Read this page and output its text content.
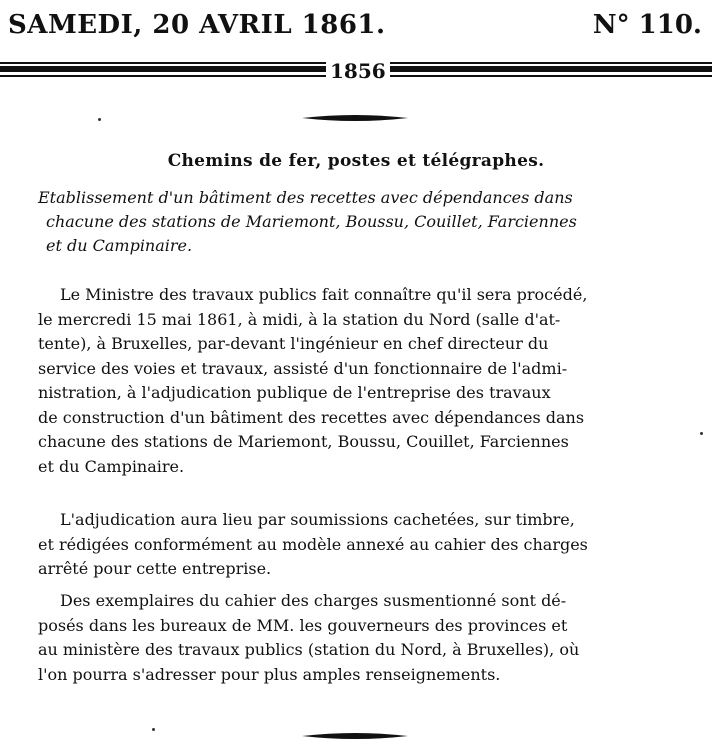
SAMEDI, 20 AVRIL 1861.	N° 110.
1856
Chemins de fer, postes et télégraphes.
Etablissement d'un bâtiment des recettes avec dépendances dans
chacune des stations de Mariemont, Boussu, Couillet, Farciennes
et du Campinaire.
Le Ministre des travaux publics fait connaître qu'il sera procédé,
le mercredi 15 mai 1861, à midi, à la station du Nord (salle d'at-
tente), à Bruxelles, par-devant l'ingénieur en chef directeur du
service des voies et travaux, assisté d'un fonctionnaire de l'admi-
nistration, à l'adjudication publique de l'entreprise des travaux
de construction d'un bâtiment des recettes avec dépendances dans
chacune des stations de Mariemont, Boussu, Couillet, Farciennes
et du Campinaire.
L'adjudication aura lieu par soumissions cachetées, sur timbre,
et rédigées conformément au modèle annexé au cahier des charges
arrêté pour cette entreprise.
Des exemplaires du cahier des charges susmentionné sont dé-
posés dans les bureaux de MM. les gouverneurs des provinces et
au ministère des travaux publics (station du Nord, à Bruxelles), où
l'on pourra s'adresser pour plus amples renseignements.
